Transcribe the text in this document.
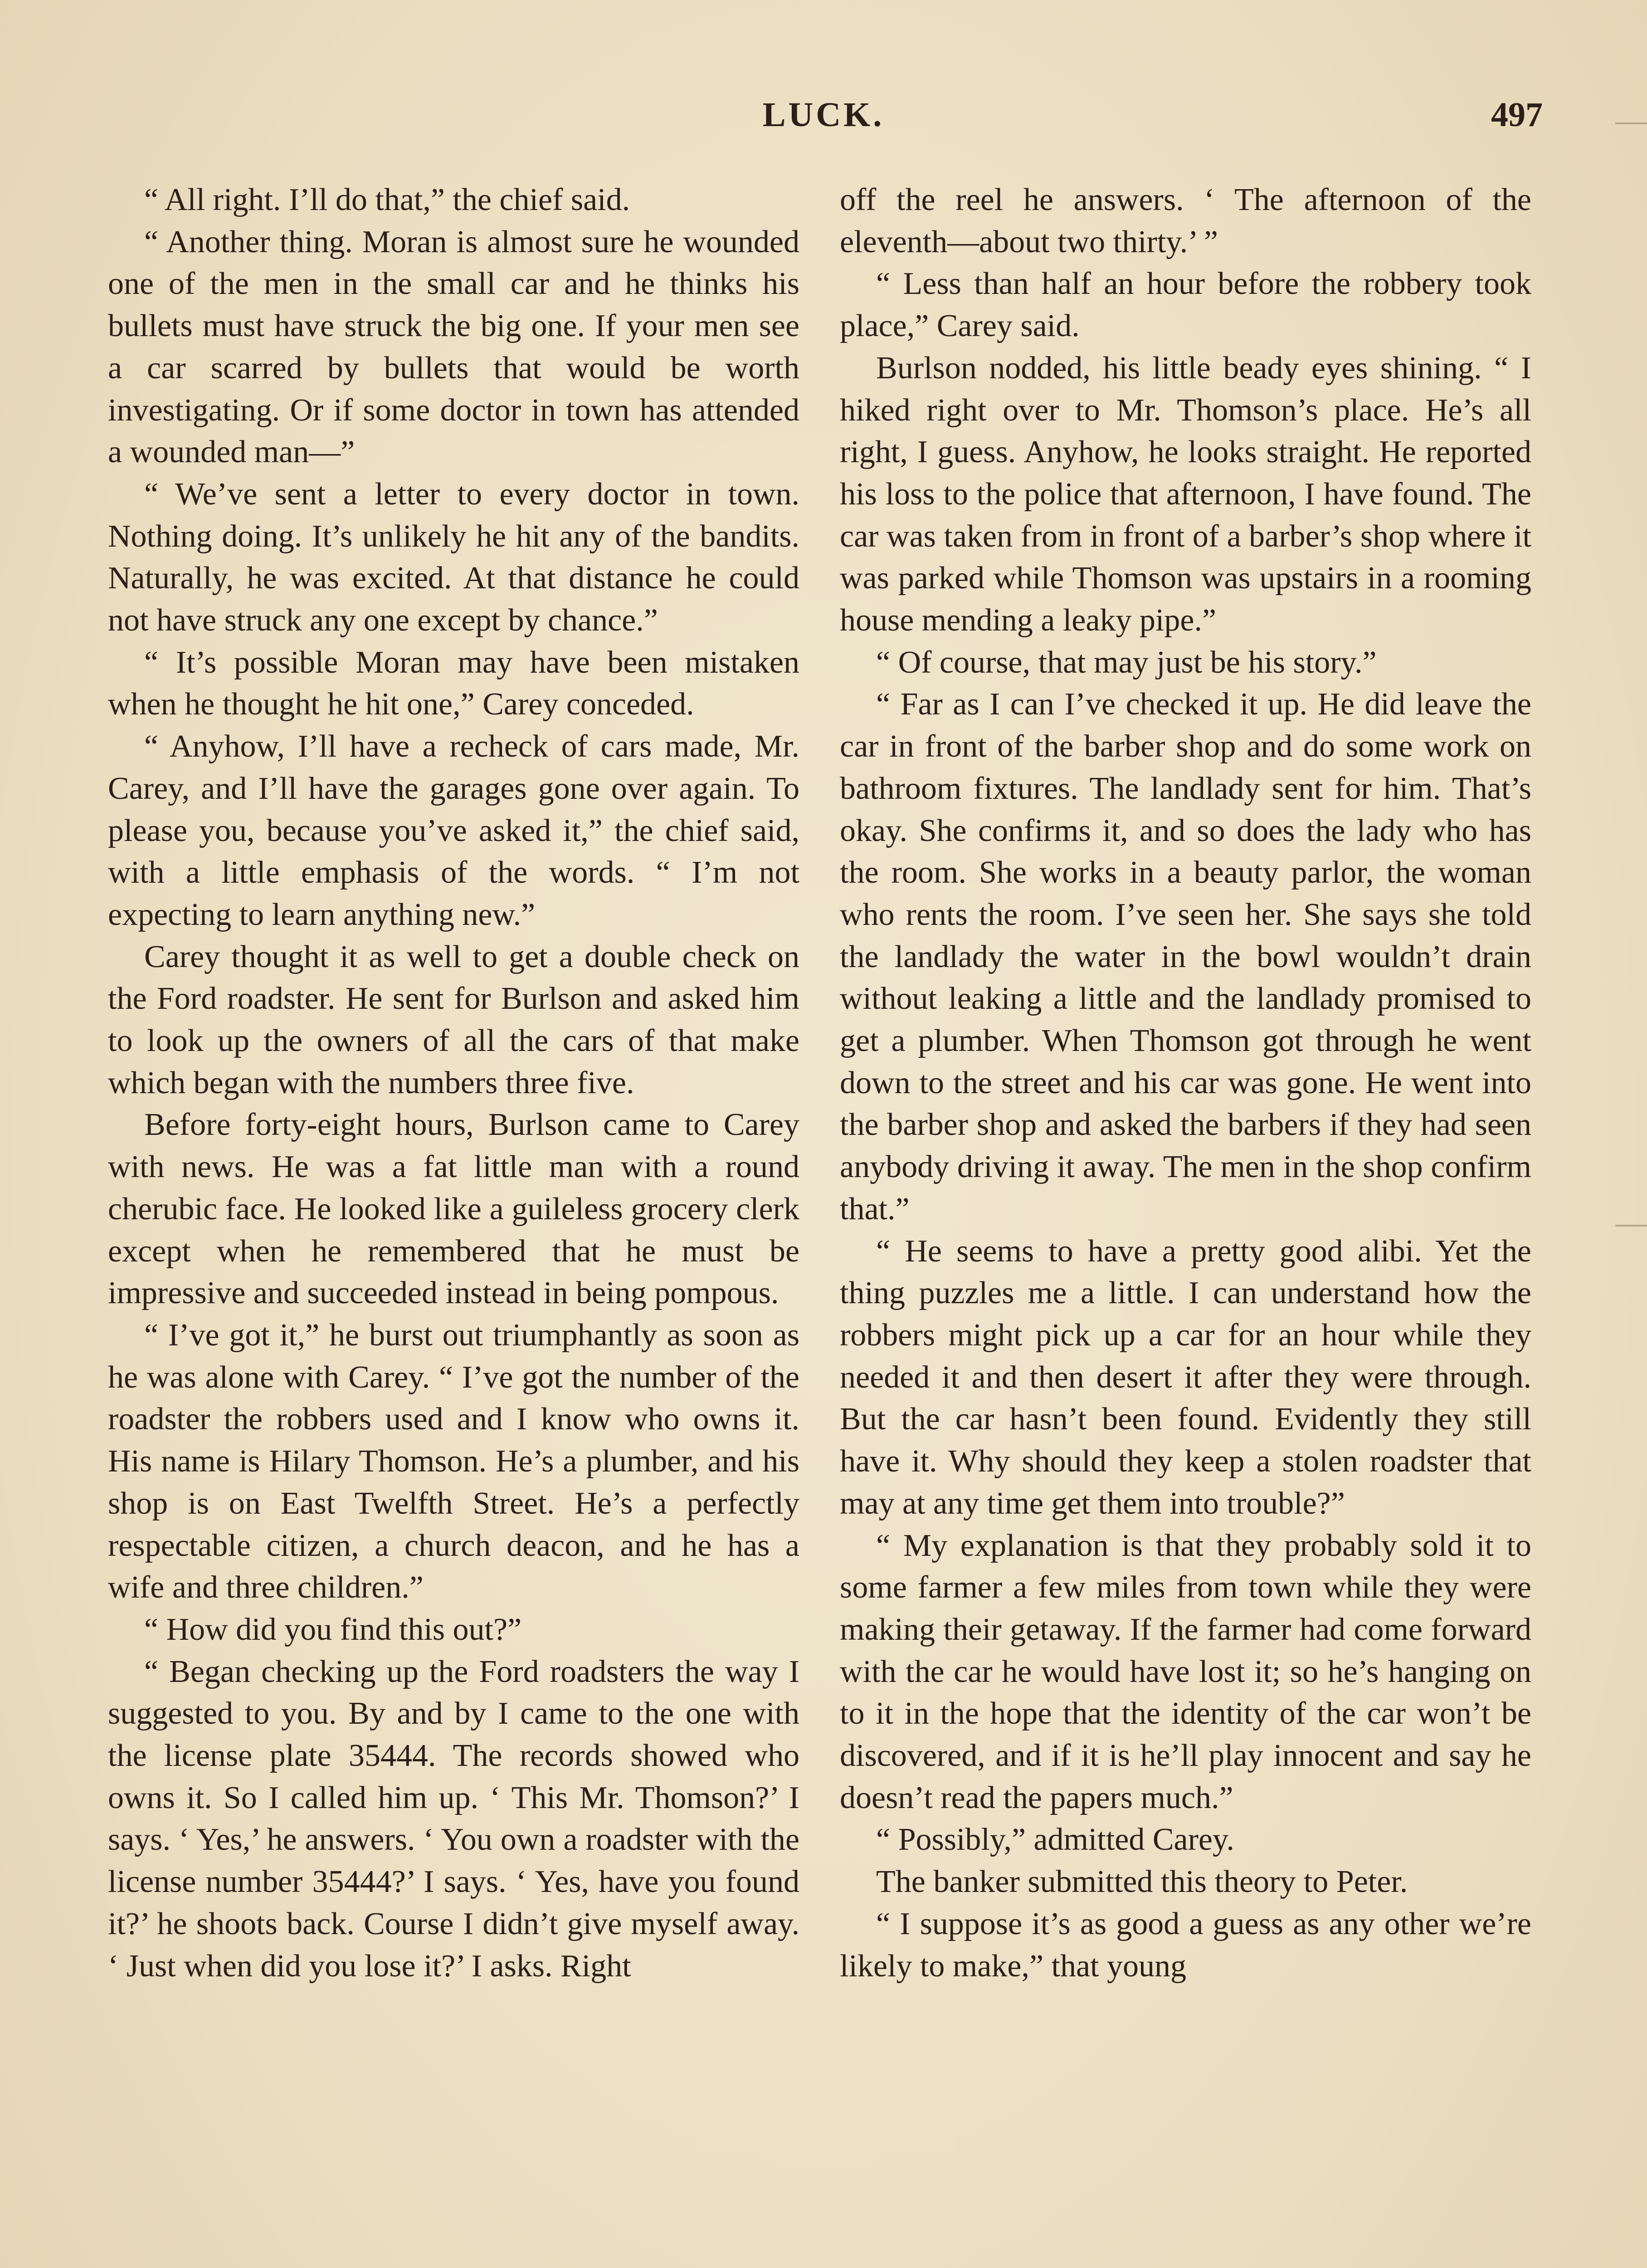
LUCK.	497

“ All right. I’ll do that,” the chief said.

“ Another thing. Moran is almost sure he wounded one of the men in the small car and he thinks his bullets must have struck the big one. If your men see a car scarred by bullets that would be worth investigating. Or if some doctor in town has attended a wounded man—”

“ We’ve sent a letter to every doctor in town. Nothing doing. It’s unlikely he hit any of the bandits. Naturally, he was excited. At that distance he could not have struck any one except by chance.”

“ It’s possible Moran may have been mistaken when he thought he hit one,” Carey conceded.

“ Anyhow, I’ll have a recheck of cars made, Mr. Carey, and I’ll have the garages gone over again. To please you, because you’ve asked it,” the chief said, with a little emphasis of the words. “ I’m not expecting to learn anything new.”

Carey thought it as well to get a double check on the Ford roadster. He sent for Burlson and asked him to look up the owners of all the cars of that make which began with the numbers three five.

Before forty-eight hours, Burlson came to Carey with news. He was a fat little man with a round cherubic face. He looked like a guileless grocery clerk except when he remembered that he must be impressive and succeeded instead in being pompous.

“ I’ve got it,” he burst out triumphantly as soon as he was alone with Carey. “ I’ve got the number of the roadster the robbers used and I know who owns it. His name is Hilary Thomson. He’s a plumber, and his shop is on East Twelfth Street. He’s a perfectly respectable citizen, a church deacon, and he has a wife and three children.”

“ How did you find this out?”

“ Began checking up the Ford roadsters the way I suggested to you. By and by I came to the one with the license plate 35444. The records showed who owns it. So I called him up. ‘ This Mr. Thomson?’ I says. ‘ Yes,’ he answers. ‘ You own a roadster with the license number 35444?’ I says. ‘ Yes, have you found it?’ he shoots back. Course I didn’t give myself away. ‘ Just when did you lose it?’ I asks. Right

off the reel he answers. ‘ The afternoon of the eleventh—about two thirty.’ ”

“ Less than half an hour before the robbery took place,” Carey said.

Burlson nodded, his little beady eyes shining. “ I hiked right over to Mr. Thomson’s place. He’s all right, I guess. Anyhow, he looks straight. He reported his loss to the police that afternoon, I have found. The car was taken from in front of a barber’s shop where it was parked while Thomson was upstairs in a rooming house mending a leaky pipe.”

“ Of course, that may just be his story.”

“ Far as I can I’ve checked it up. He did leave the car in front of the barber shop and do some work on bathroom fixtures. The landlady sent for him. That’s okay. She confirms it, and so does the lady who has the room. She works in a beauty parlor, the woman who rents the room. I’ve seen her. She says she told the landlady the water in the bowl wouldn’t drain without leaking a little and the landlady promised to get a plumber. When Thomson got through he went down to the street and his car was gone. He went into the barber shop and asked the barbers if they had seen anybody driving it away. The men in the shop confirm that.”

“ He seems to have a pretty good alibi. Yet the thing puzzles me a little. I can understand how the robbers might pick up a car for an hour while they needed it and then desert it after they were through. But the car hasn’t been found. Evidently they still have it. Why should they keep a stolen roadster that may at any time get them into trouble?”

“ My explanation is that they probably sold it to some farmer a few miles from town while they were making their getaway. If the farmer had come forward with the car he would have lost it; so he’s hanging on to it in the hope that the identity of the car won’t be discovered, and if it is he’ll play innocent and say he doesn’t read the papers much.”

“ Possibly,” admitted Carey.

The banker submitted this theory to Peter.

“ I suppose it’s as good a guess as any other we’re likely to make,” that young
